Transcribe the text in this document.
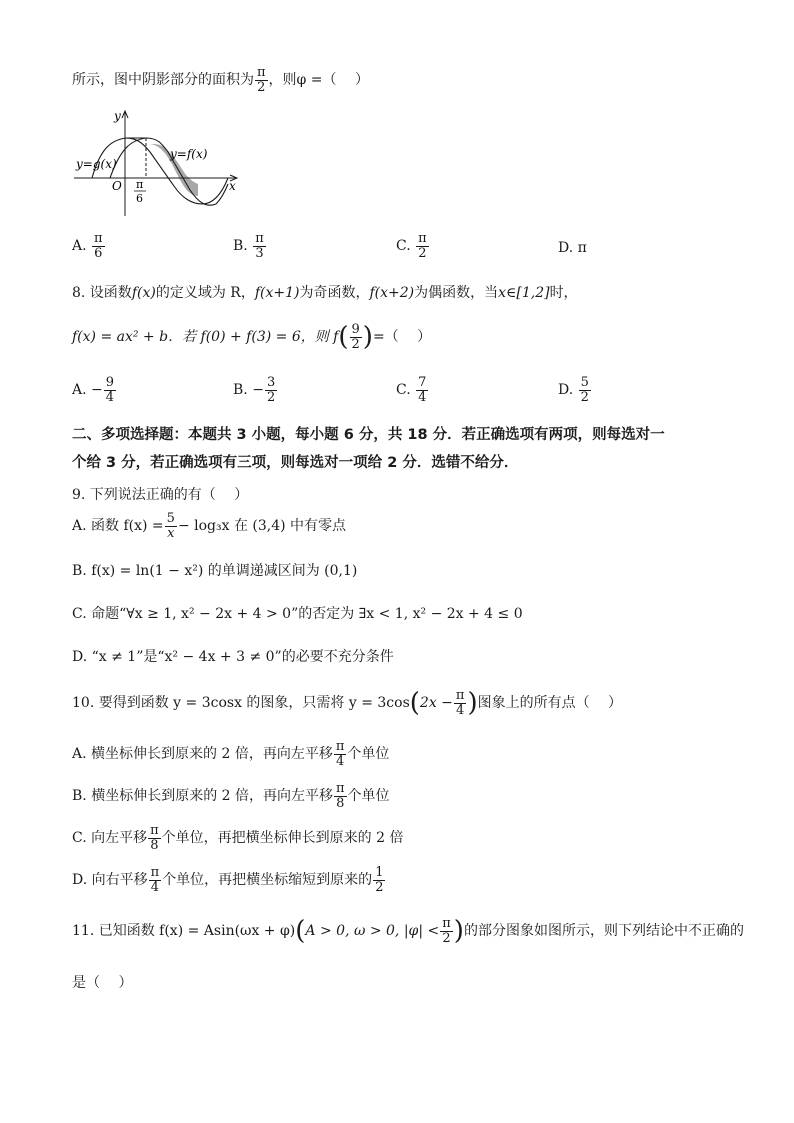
所示，图中阴影部分的面积为 $\frac{\pi}{2}$ ，则φ =（　 ）
y
x
O
y=g(x)
y=f(x)
π
6
A. $\frac{\pi}{6}$	B. $\frac{\pi}{3}$	C. $\frac{\pi}{2}$	D. π
8. 设函数f(x)的定义域为 R，f(x+1)为奇函数，f(x+2)为偶函数，当x∈[1,2]时，
f(x) = ax² + b．若 f(0) + f(3) = 6，则 $f( \frac{9}{2}$ )=（　 ）
A. − $\frac{9}{4}$	B. − $\frac{3}{2}$	C. $\frac{7}{4}$	D. $\frac{5}{2}$
二、多项选择题：本题共 3 小题，每小题 6 分，共 18 分．若正确选项有两项，则每选对一
个给 3 分，若正确选项有三项，则每选对一项给 2 分．选错不给分．
9. 下列说法正确的有（　 ）
A. 函数 $f(x) = \frac{5}{x} - \log_3x$ 在 (3,4) 中有零点
B. f(x) = ln(1 − x²) 的单调递减区间为 (0,1)
C. 命题“∀x ≥ 1, x² − 2x + 4 > 0”的否定为 ∃x < 1, x² − 2x + 4 ≤ 0
D. “x ≠ 1”是“x² − 4x + 3 ≠ 0”的必要不充分条件
10. 要得到函数 y = 3cosx 的图象，只需将 $y = 3\cos(2x - \frac{\pi}{4}$ )图象上的所有点（　 ）
A. 横坐标伸长到原来的 2 倍，再向左平移 $\frac{\pi}{4}$ 个单位
B. 横坐标伸长到原来的 2 倍，再向左平移 $\frac{\pi}{8}$ 个单位
C. 向左平移 $\frac{\pi}{8}$ 个单位，再把横坐标伸长到原来的 2 倍
D. 向右平移 $\frac{\pi}{4}$ 个单位，再把横坐标缩短到原来的 $\frac{1}{2}$
11. 已知函数 f(x) = Asin(ωx + φ)(A > 0, ω > 0, $|\varphi| < \frac{\pi}{2}$ )的部分图象如图所示，则下列结论中不正确的
是（　 ）
